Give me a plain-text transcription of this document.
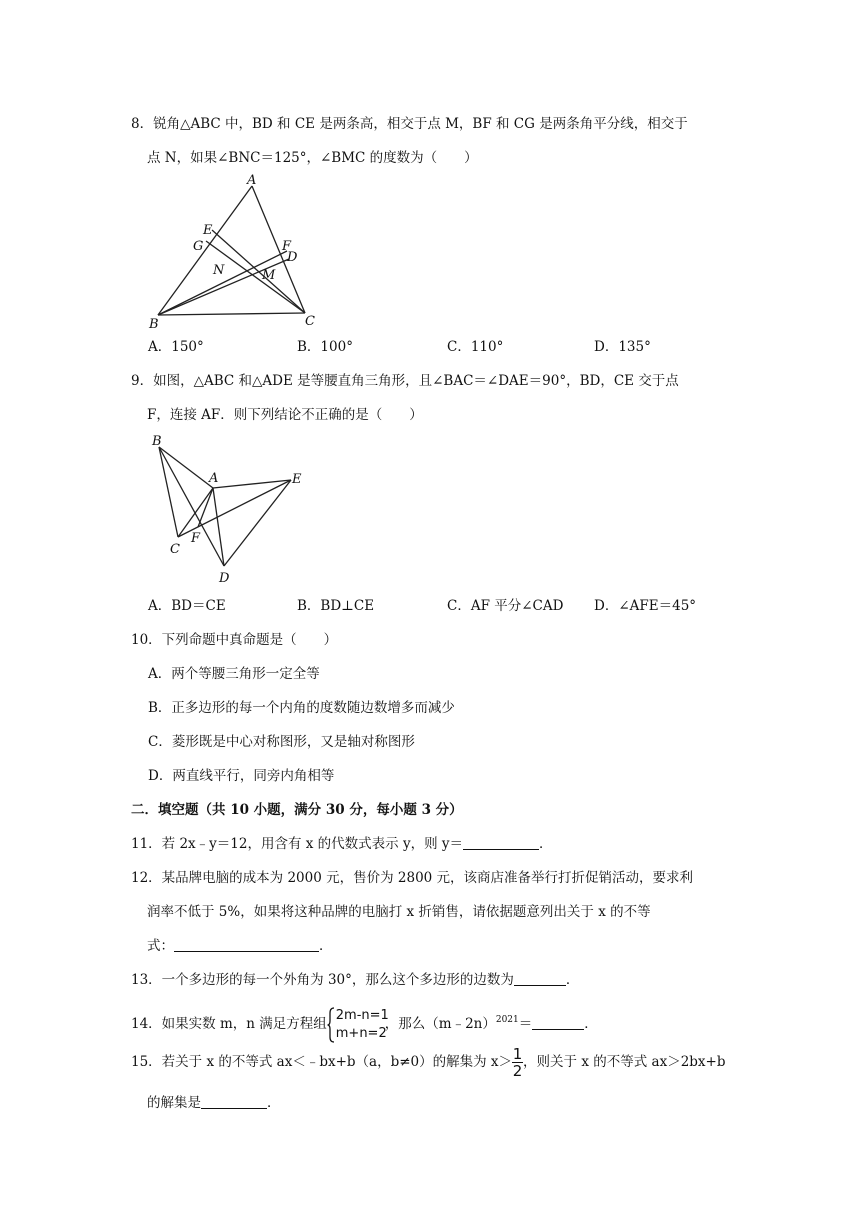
8．锐角△ABC 中，BD 和 CE 是两条高，相交于点 M，BF 和 CG 是两条角平分线，相交于
点 N，如果∠BNC＝125°，∠BMC 的度数为（　　）
A
E
G	F
D
N	M
B	C
A．150°	B．100°	C．110°	D．135°
9．如图，△ABC 和△ADE 是等腰直角三角形，且∠BAC＝∠DAE＝90°，BD，CE 交于点
F，连接 AF．则下列结论不正确的是（　　）
B
A	E
F
C
D
A．BD＝CE	B．BD⊥CE	C．AF 平分∠CAD D．∠AFE＝45°
10．下列命题中真命题是（　　）
A．两个等腰三角形一定全等
B．正多边形的每一个内角的度数随边数增多而减少
C．菱形既是中心对称图形，又是轴对称图形
D．两直线平行，同旁内角相等
二．填空题（共 10 小题，满分 30 分，每小题 3 分）
11．若 2x﹣y＝12，用含有 x 的代数式表示 y，则 y＝	．
12．某品牌电脑的成本为 2000 元，售价为 2800 元，该商店准备举行打折促销活动，要求利
润率不低于 5%，如果将这种品牌的电脑打 x 折销售，请依据题意列出关于 x 的不等
式：	．
13．一个多边形的每一个外角为 30°，那么这个多边形的边数为	．
14．如果实数 m，n 满足方程组
2m-n=1
m+n=2
，那么（m﹣2n）$^{2021}$＝	．
15．若关于 x 的不等式 ax＜﹣bx+b（a，b≠0）的解集为 $x> \frac{1}{2}$ ，则关于 x 的不等式 ax＞2bx+b
的解集是	．
